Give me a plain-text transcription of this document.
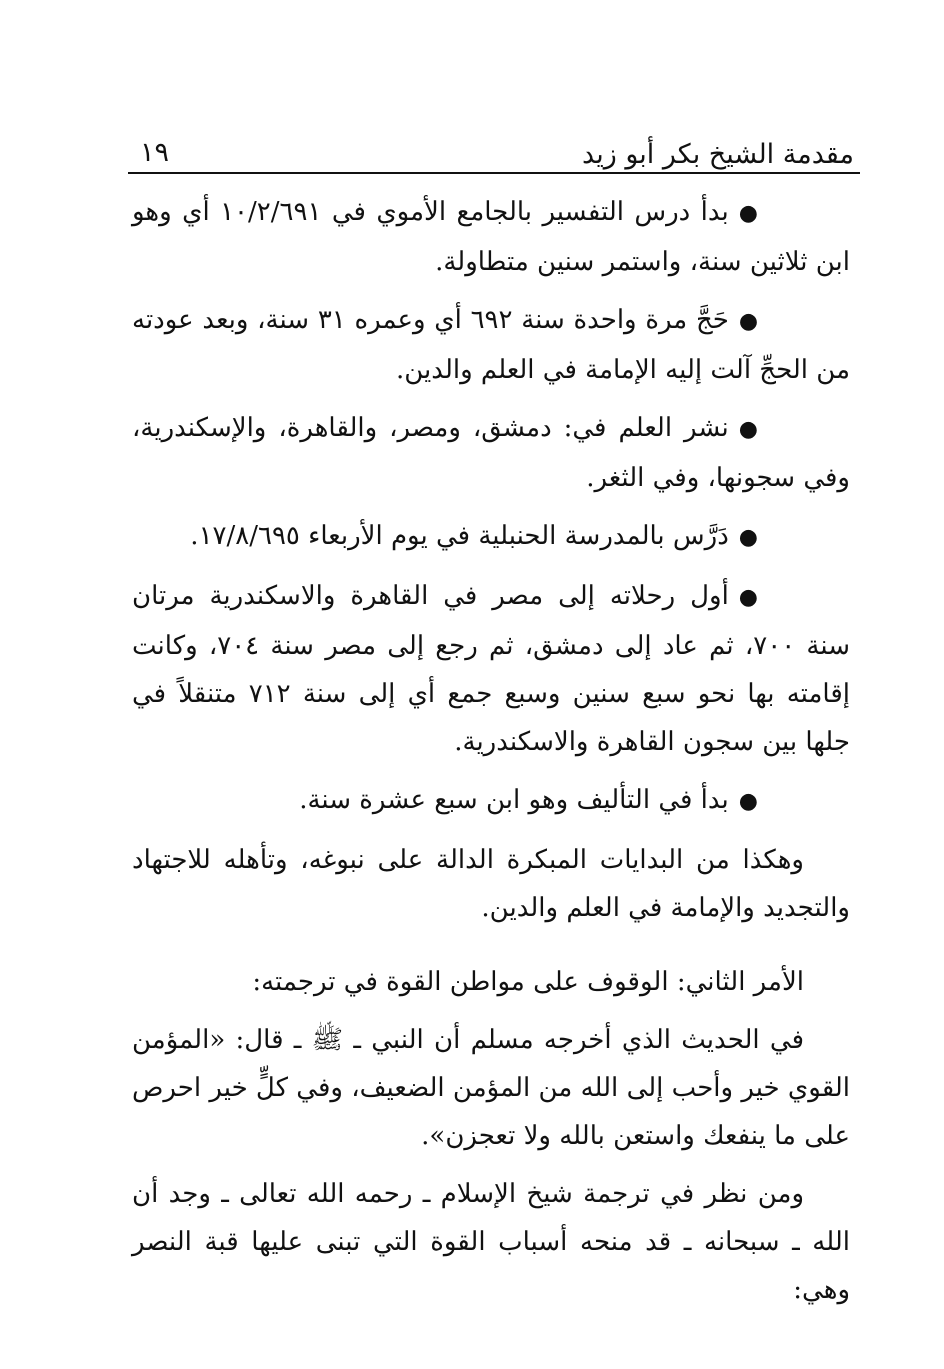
مقدمة الشيخ بكر أبو زيد
١٩

●بدأ درس التفسير بالجامع الأموي في ١٠/٢/٦٩١ أي وهو ابن ثلاثين سنة، واستمر سنين متطاولة.

●حَجَّ مرة واحدة سنة ٦٩٢ أي وعمره ٣١ سنة، وبعد عودته من الحجِّ آلت إليه الإمامة في العلم والدين.

●نشر العلم في: دمشق، ومصر، والقاهرة، والإسكندرية، وفي سجونها، وفي الثغر.

●دَرَّس بالمدرسة الحنبلية في يوم الأربعاء ١٧/٨/٦٩٥.

●أول رحلاته إلى مصر في القاهرة والاسكندرية مرتان سنة ٧٠٠، ثم عاد إلى دمشق، ثم رجع إلى مصر سنة ٧٠٤، وكانت إقامته بها نحو سبع سنين وسبع جمع أي إلى سنة ٧١٢ متنقلاً في جلها بين سجون القاهرة والاسكندرية.

●بدأ في التأليف وهو ابن سبع عشرة سنة.

وهكذا من البدايات المبكرة الدالة على نبوغه، وتأهله للاجتهاد والتجديد والإمامة في العلم والدين.

الأمر الثاني: الوقوف على مواطن القوة في ترجمته:

في الحديث الذي أخرجه مسلم أن النبي ـ ﷺ ـ قال: «المؤمن القوي خير وأحب إلى الله من المؤمن الضعيف، وفي كلٍّ خير احرص على ما ينفعك واستعن بالله ولا تعجزن».

ومن نظر في ترجمة شيخ الإسلام ـ رحمه الله تعالى ـ وجد أن الله ـ سبحانه ـ قد منحه أسباب القوة التي تبنى عليها قبة النصر وهي:
